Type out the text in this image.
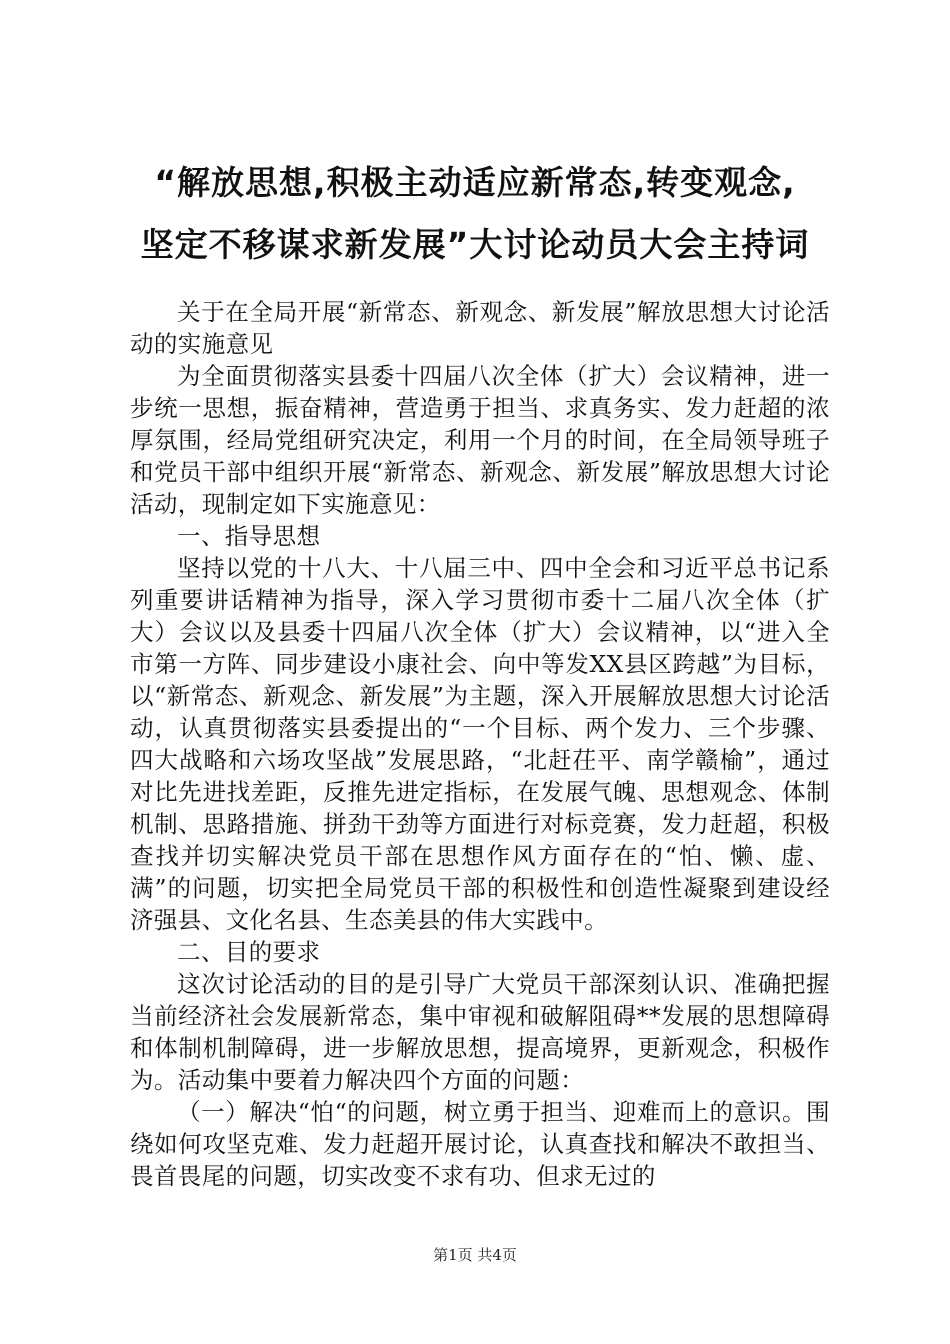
“解放思想,积极主动适应新常态,转变观念,
坚定不移谋求新发展”大讨论动员大会主持词

关于在全局开展“新常态、新观念、新发展”解放思想大讨论活动的实施意见

为全面贯彻落实县委十四届八次全体（扩大）会议精神，进一步统一思想，振奋精神，营造勇于担当、求真务实、发力赶超的浓厚氛围，经局党组研究决定，利用一个月的时间，在全局领导班子和党员干部中组织开展“新常态、新观念、新发展”解放思想大讨论活动，现制定如下实施意见：

一、指导思想

坚持以党的十八大、十八届三中、四中全会和习近平总书记系列重要讲话精神为指导，深入学习贯彻市委十二届八次全体（扩大）会议以及县委十四届八次全体（扩大）会议精神，以“进入全市第一方阵、同步建设小康社会、向中等发XX县区跨越”为目标，以“新常态、新观念、新发展”为主题，深入开展解放思想大讨论活动，认真贯彻落实县委提出的“一个目标、两个发力、三个步骤、四大战略和六场攻坚战”发展思路，“北赶茌平、南学赣榆”，通过对比先进找差距，反推先进定指标，在发展气魄、思想观念、体制机制、思路措施、拼劲干劲等方面进行对标竞赛，发力赶超，积极查找并切实解决党员干部在思想作风方面存在的“怕、懒、虚、满”的问题，切实把全局党员干部的积极性和创造性凝聚到建设经济强县、文化名县、生态美县的伟大实践中。

二、目的要求

这次讨论活动的目的是引导广大党员干部深刻认识、准确把握当前经济社会发展新常态，集中审视和破解阻碍**发展的思想障碍和体制机制障碍，进一步解放思想，提高境界，更新观念，积极作为。活动集中要着力解决四个方面的问题：

（一）解决“怕“的问题，树立勇于担当、迎难而上的意识。围绕如何攻坚克难、发力赶超开展讨论，认真查找和解决不敢担当、畏首畏尾的问题，切实改变不求有功、但求无过的

第1页 共4页
